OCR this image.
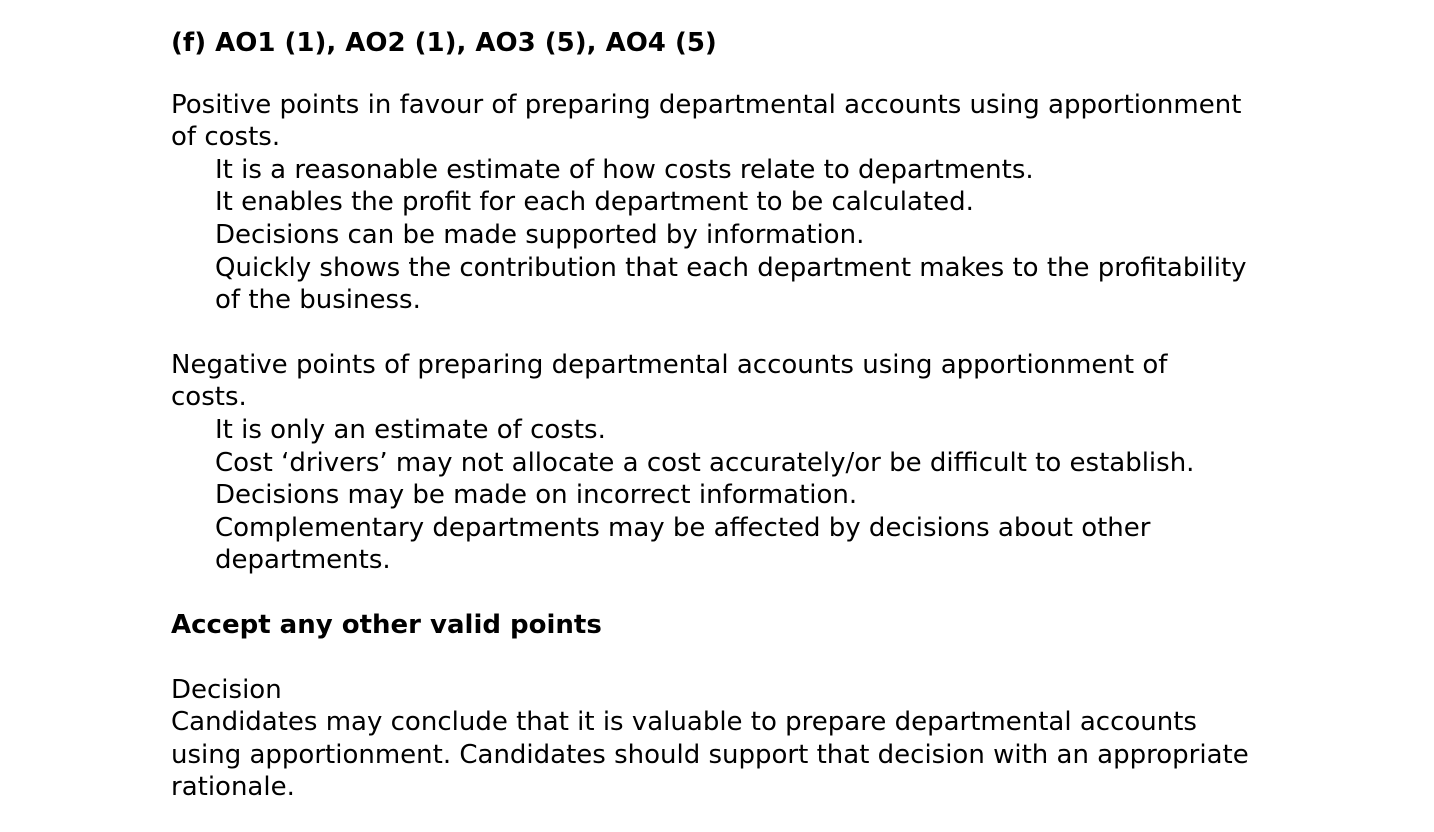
(f) AO1 (1), AO2 (1), AO3 (5), AO4 (5)

Positive points in favour of preparing departmental accounts using apportionment of costs.

It is a reasonable estimate of how costs relate to departments.
It enables the profit for each department to be calculated.
Decisions can be made supported by information.
Quickly shows the contribution that each department makes to the profitability of the business.

Negative points of preparing departmental accounts using apportionment of costs.

It is only an estimate of costs.
Cost ‘drivers’ may not allocate a cost accurately/or be difficult to establish.
Decisions may be made on incorrect information.
Complementary departments may be affected by decisions about other departments.

Accept any other valid points

Decision

Candidates may conclude that it is valuable to prepare departmental accounts using apportionment. Candidates should support that decision with an appropriate rationale.
